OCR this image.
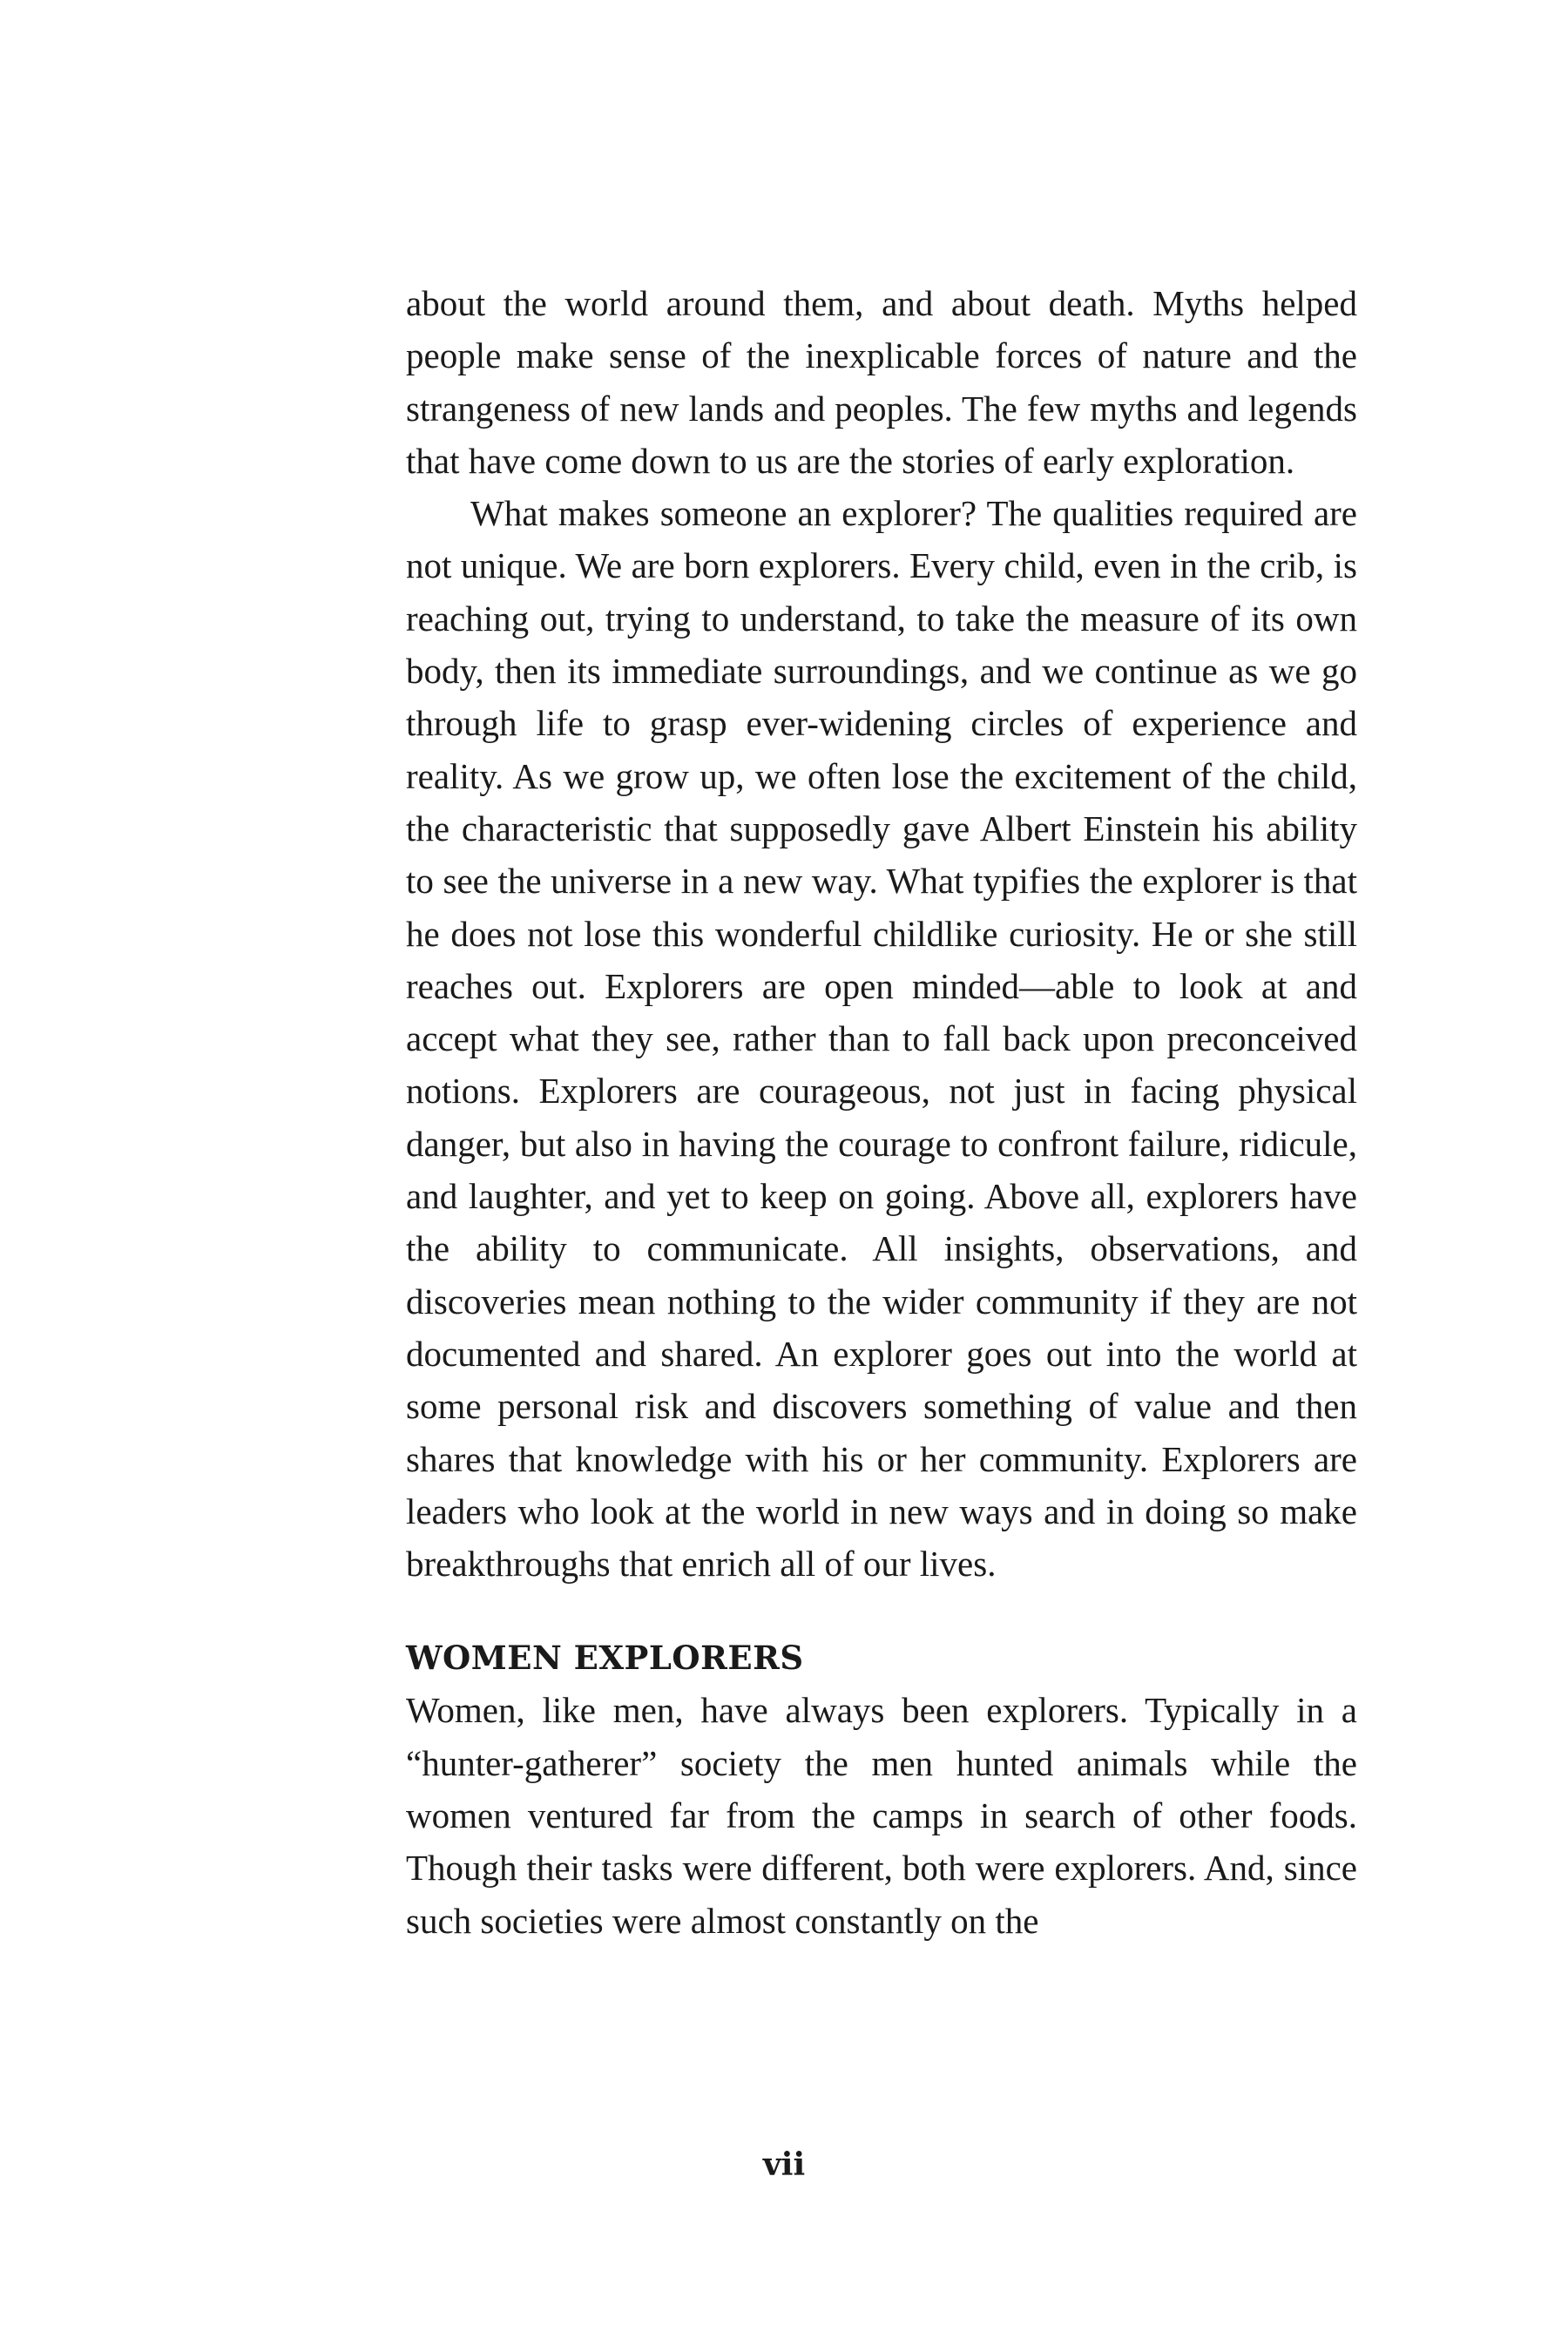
about the world around them, and about death. Myths helped people make sense of the inexplicable forces of nature and the strangeness of new lands and peoples. The few myths and legends that have come down to us are the stories of early exploration.

What makes someone an explorer? The qualities required are not unique. We are born explorers. Every child, even in the crib, is reaching out, trying to understand, to take the measure of its own body, then its immediate surroundings, and we continue as we go through life to grasp ever-widening circles of experience and reality. As we grow up, we often lose the excitement of the child, the characteristic that supposedly gave Albert Einstein his ability to see the universe in a new way. What typifies the explorer is that he does not lose this wonderful childlike curiosity. He or she still reaches out. Explorers are open minded—able to look at and accept what they see, rather than to fall back upon preconceived notions. Explorers are courageous, not just in facing physical danger, but also in having the courage to confront failure, ridicule, and laughter, and yet to keep on going. Above all, explorers have the ability to communicate. All insights, observations, and discoveries mean nothing to the wider community if they are not documented and shared. An explorer goes out into the world at some personal risk and discovers something of value and then shares that knowledge with his or her community. Explorers are leaders who look at the world in new ways and in doing so make breakthroughs that enrich all of our lives.

WOMEN EXPLORERS

Women, like men, have always been explorers. Typically in a “hunter-gatherer” society the men hunted animals while the women ventured far from the camps in search of other foods. Though their tasks were different, both were explorers. And, since such societies were almost constantly on the

vii
